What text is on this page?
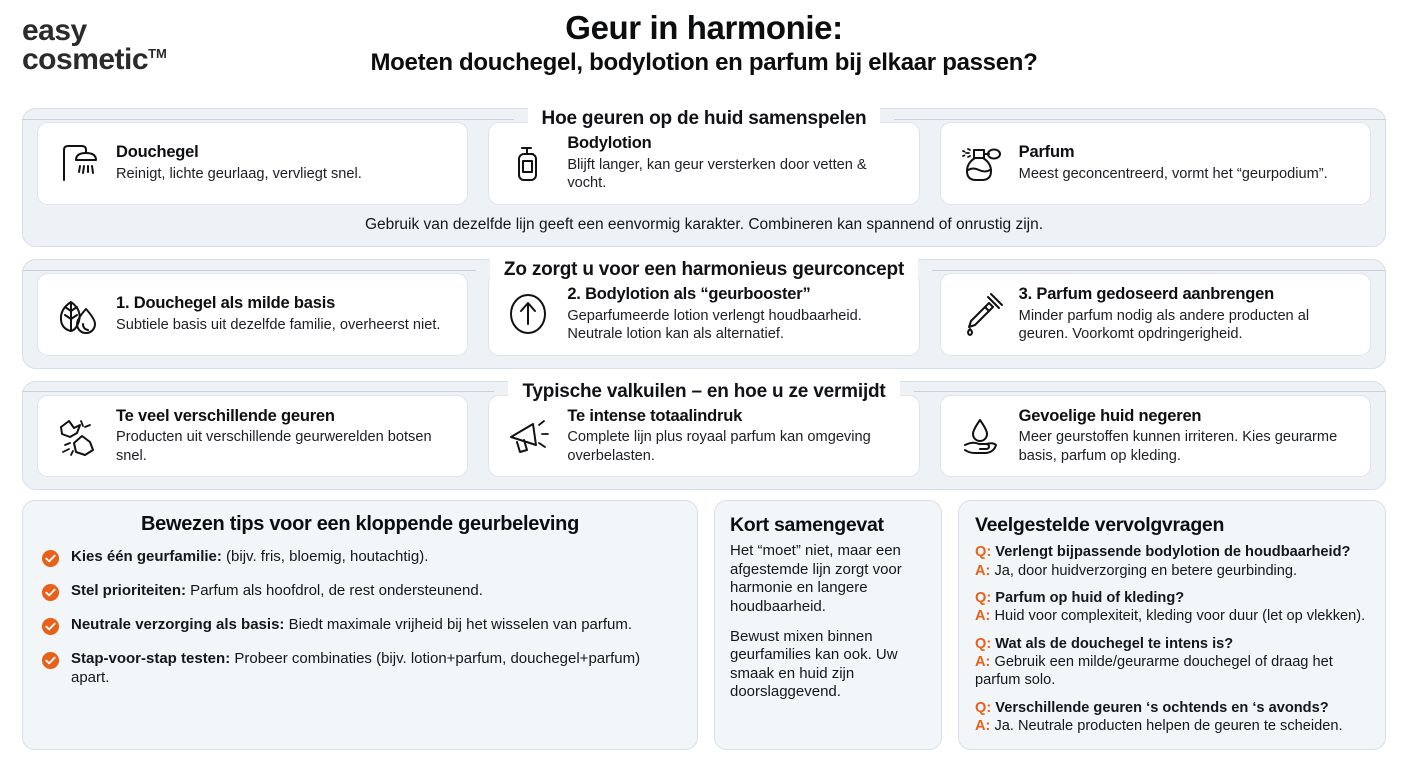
easy
cosmetic™
Geur in harmonie:
Moeten douchegel, bodylotion en parfum bij elkaar passen?
Hoe geuren op de huid samenspelen
Douchegel

Reinigt, lichte geurlaag, vervliegt snel.

Bodylotion

Blijft langer, kan geur versterken door vetten & vocht.

Parfum

Meest geconcentreerd, vormt het “geurpodium”.

Gebruik van dezelfde lijn geeft een eenvormig karakter. Combineren kan spannend of onrustig zijn.
Zo zorgt u voor een harmonieus geurconcept
1. Douchegel als milde basis

Subtiele basis uit dezelfde familie, overheerst niet.

2. Bodylotion als “geurbooster”

Geparfumeerde lotion verlengt houdbaarheid. Neutrale lotion kan als alternatief.

3. Parfum gedoseerd aanbrengen

Minder parfum nodig als andere producten al geuren. Voorkomt opdringerigheid.

Typische valkuilen – en hoe u ze vermijdt
Te veel verschillende geuren

Producten uit verschillende geurwerelden botsen snel.

Te intense totaalindruk

Complete lijn plus royaal parfum kan omgeving overbelasten.

Gevoelige huid negeren

Meer geurstoffen kunnen irriteren. Kies geurarme basis, parfum op kleding.

Bewezen tips voor een kloppende geurbeleving
Kies één geurfamilie: (bijv. fris, bloemig, houtachtig).
Stel prioriteiten: Parfum als hoofdrol, de rest ondersteunend.
Neutrale verzorging als basis: Biedt maximale vrijheid bij het wisselen van parfum.
Stap-voor-stap testen: Probeer combinaties (bijv. lotion+parfum, douchegel+parfum) apart.
Kort samengevat

Het “moet” niet, maar een afgestemde lijn zorgt voor harmonie en langere houdbaarheid.

Bewust mixen binnen geurfamilies kan ook. Uw smaak en huid zijn doorslaggevend.

Veelgestelde vervolgvragen
Q: Verlengt bijpassende bodylotion de houdbaarheid?
A: Ja, door huidverzorging en betere geurbinding.
Q: Parfum op huid of kleding?
A: Huid voor complexiteit, kleding voor duur (let op vlekken).
Q: Wat als de douchegel te intens is?
A: Gebruik een milde/geurarme douchegel of draag het parfum solo.
Q: Verschillende geuren ‘s ochtends en ‘s avonds?
A: Ja. Neutrale producten helpen de geuren te scheiden.
